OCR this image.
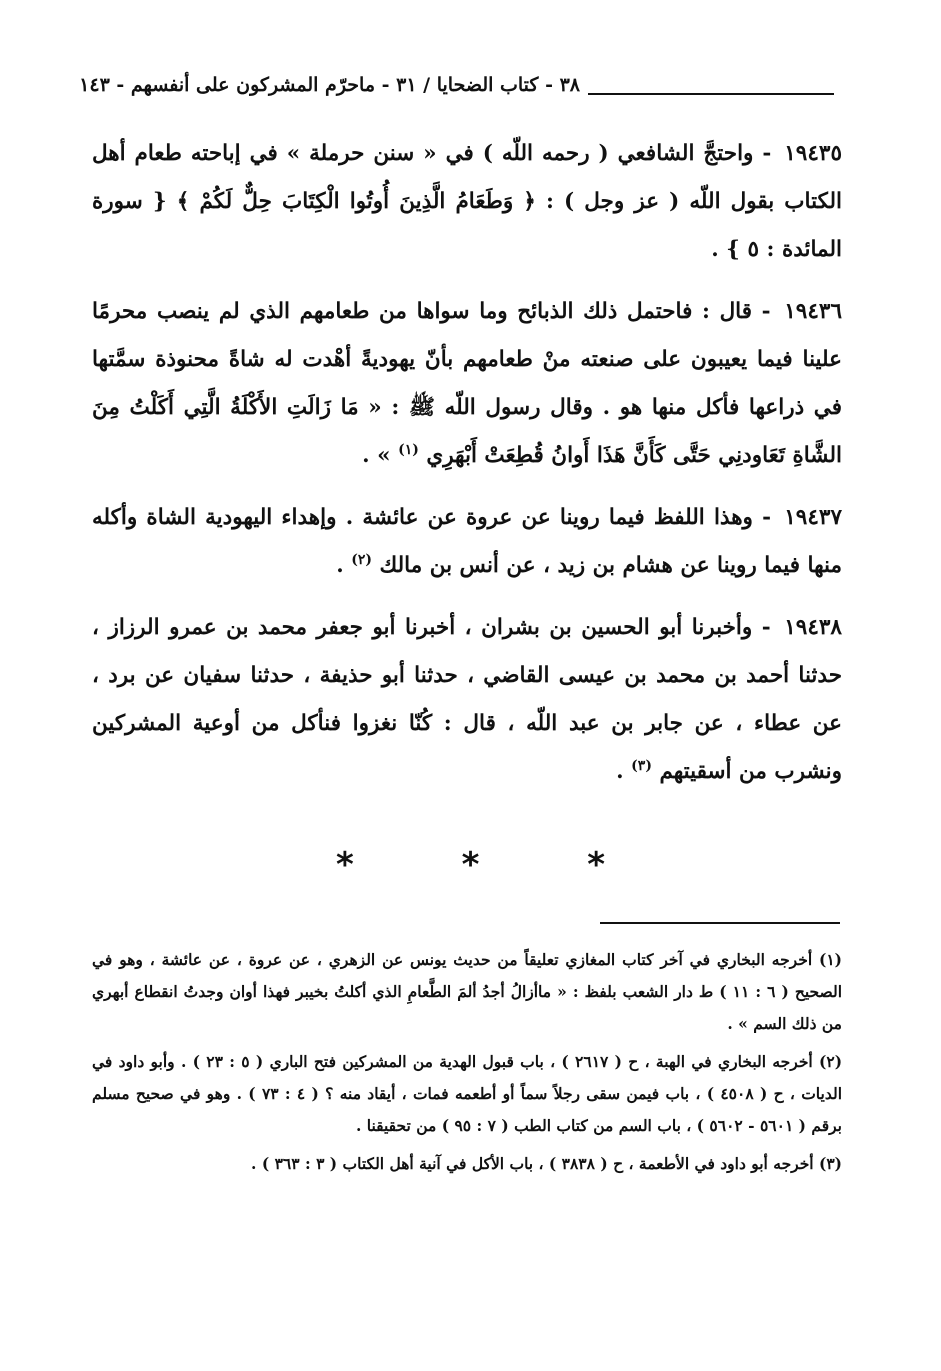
٣٨ - كتاب الضحايا / ٣١ - ماحرّم المشركون على أنفسهم - ١٤٣

١٩٤٣٥ - واحتجَّ الشافعي ( رحمه اللّه ) في « سنن حرملة » في إباحته طعام أهل الكتاب بقول اللّه ( عز وجل ) : ﴿ وَطَعَامُ الَّذِينَ أُوتُوا الْكِتَابَ حِلٌّ لَكُمْ ﴾ { سورة المائدة : ٥ } .

١٩٤٣٦ - قال : فاحتمل ذلك الذبائح وما سواها من طعامهم الذي لم ينصب محرمًا علينا فيما يعيبون على صنعته منْ طعامهم بأنّ يهوديةً أهْدت له شاةً محنوذة سمَّتها في ذراعها فأكل منها هو . وقال رسول اللّه ﷺ : « مَا زَالَتِ الأَكْلَةُ الَّتِي أَكَلْتُ مِنَ الشَّاةِ تَعَاودنِي حَتَّى كَأَنَّ هَذَا أَوانُ قُطِعَتْ أَبْهَرِي $^{(١)}$ » .

١٩٤٣٧ - وهذا اللفظ فيما روينا عن عروة عن عائشة . وإهداء اليهودية الشاة وأكله منها فيما روينا عن هشام بن زيد ، عن أنس بن مالك $^{(٢)}$ .

١٩٤٣٨ - وأخبرنا أبو الحسين بن بشران ، أخبرنا أبو جعفر محمد بن عمرو الرزاز ، حدثنا أحمد بن محمد بن عيسى القاضي ، حدثنا أبو حذيفة ، حدثنا سفيان عن برد ، عن عطاء ، عن جابر بن عبد اللّه ، قال : كُنّا نغزوا فنأكل من أوعية المشركين ونشرب من أسقيتهم $^{(٣)}$ .

* * *

(١) أخرجه البخاري في آخر كتاب المغازي تعليقاً من حديث يونس عن الزهري ، عن عروة ، عن عائشة ، وهو في الصحيح ( ٦ : ١١ ) ط دار الشعب بلفظ : « ماأزالُ أجدُ ألمَ الطَّعامِ الذي أكلتُ بخيبر فهذا أوان وجدتُ انقطاع أبهري من ذلك السم » .

(٢) أخرجه البخاري في الهبة ، ح ( ٢٦١٧ ) ، باب قبول الهدية من المشركين فتح الباري ( ٥ : ٢٣ ) . وأبو داود في الديات ، ح ( ٤٥٠٨ ) ، باب فيمن سقى رجلاً سماً أو أطعمه فمات ، أيقاد منه ؟ ( ٤ : ٧٣ ) . وهو في صحيح مسلم برقم ( ٥٦٠١ - ٥٦٠٢ ) ، باب السم من كتاب الطب ( ٧ : ٩٥ ) من تحقيقنا .

(٣) أخرجه أبو داود في الأطعمة ، ح ( ٣٨٣٨ ) ، باب الأكل في آنية أهل الكتاب ( ٣ : ٣٦٣ ) .
